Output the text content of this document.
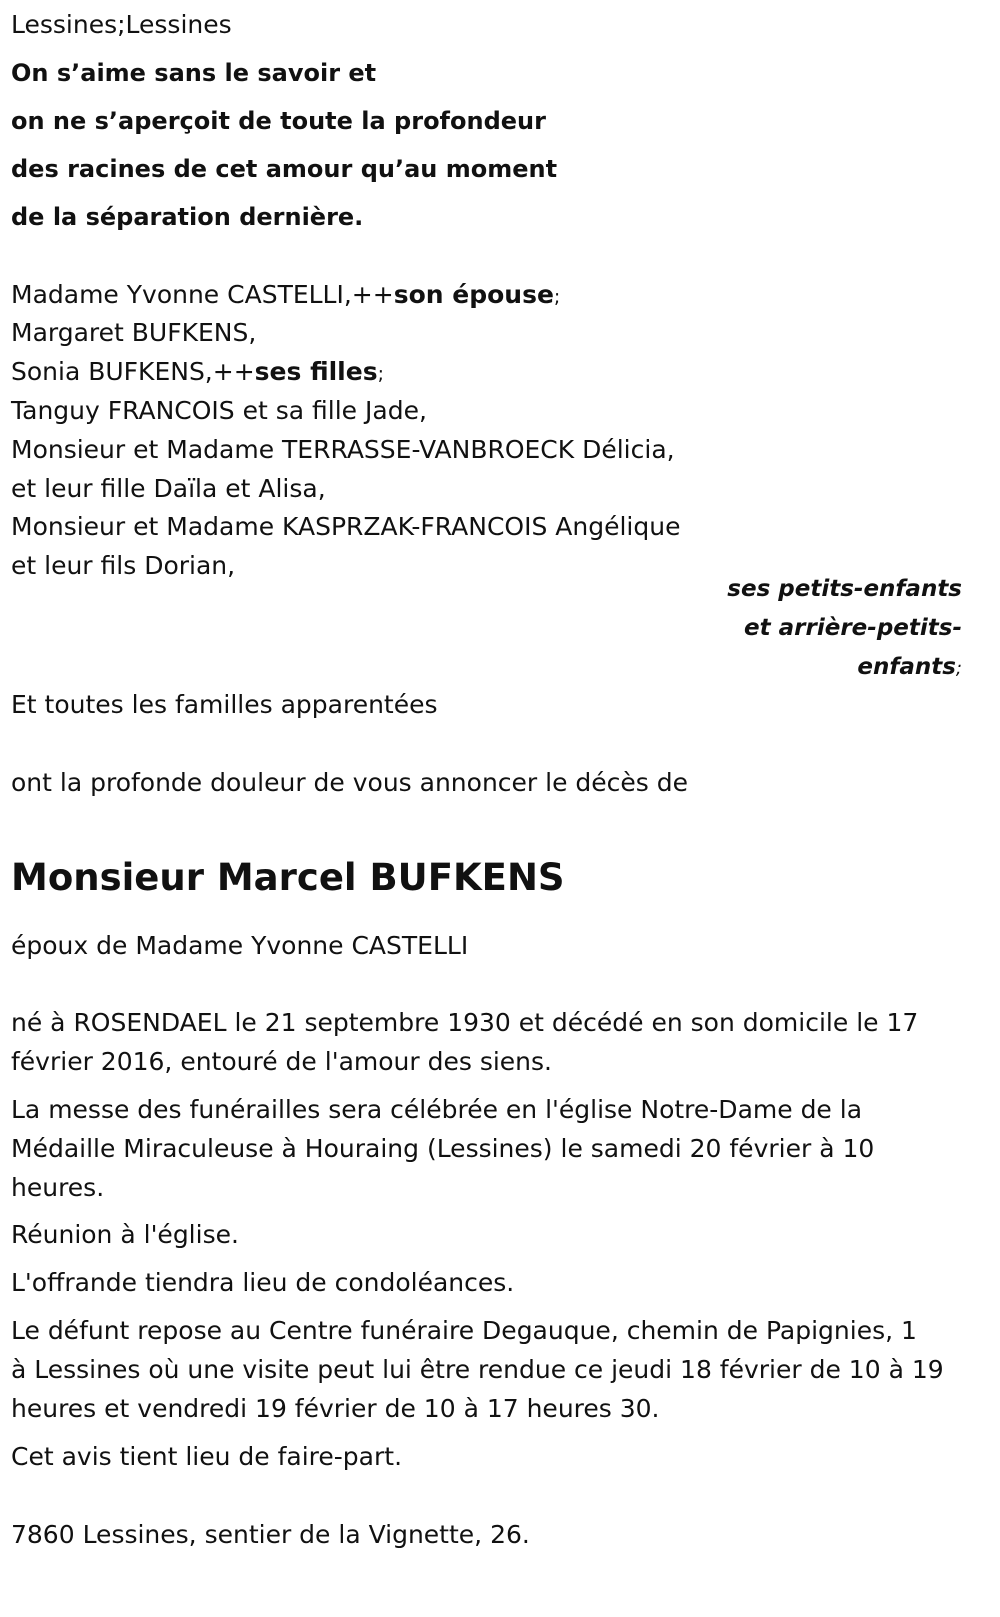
Lessines;Lessines

On s’aime sans le savoir et

on ne s’aperçoit de toute la profondeur

des racines de cet amour qu’au moment

de la séparation dernière.

Madame Yvonne CASTELLI,++son épouse;

Margaret BUFKENS,

Sonia BUFKENS,++ses filles;

Tanguy FRANCOIS et sa fille Jade,

Monsieur et Madame TERRASSE-VANBROECK Délicia,

et leur fille Daïla et Alisa,

Monsieur et Madame KASPRZAK-FRANCOIS Angélique

et leur fils Dorian,

ses petits-enfants

et arrière-petits-

enfants;

Et toutes les familles apparentées

ont la profonde douleur de vous annoncer le décès de

Monsieur Marcel BUFKENS

époux de Madame Yvonne CASTELLI

né à ROSENDAEL le 21 septembre 1930 et décédé en son domicile le 17

février 2016, entouré de l'amour des siens.

La messe des funérailles sera célébrée en l'église Notre-Dame de la

Médaille Miraculeuse à Houraing (Lessines) le samedi 20 février à 10

heures.

Réunion à l'église.

L'offrande tiendra lieu de condoléances.

Le défunt repose au Centre funéraire Degauque, chemin de Papignies, 1

à Lessines où une visite peut lui être rendue ce jeudi 18 février de 10 à 19

heures et vendredi 19 février de 10 à 17 heures 30.

Cet avis tient lieu de faire-part.

7860 Lessines, sentier de la Vignette, 26.
